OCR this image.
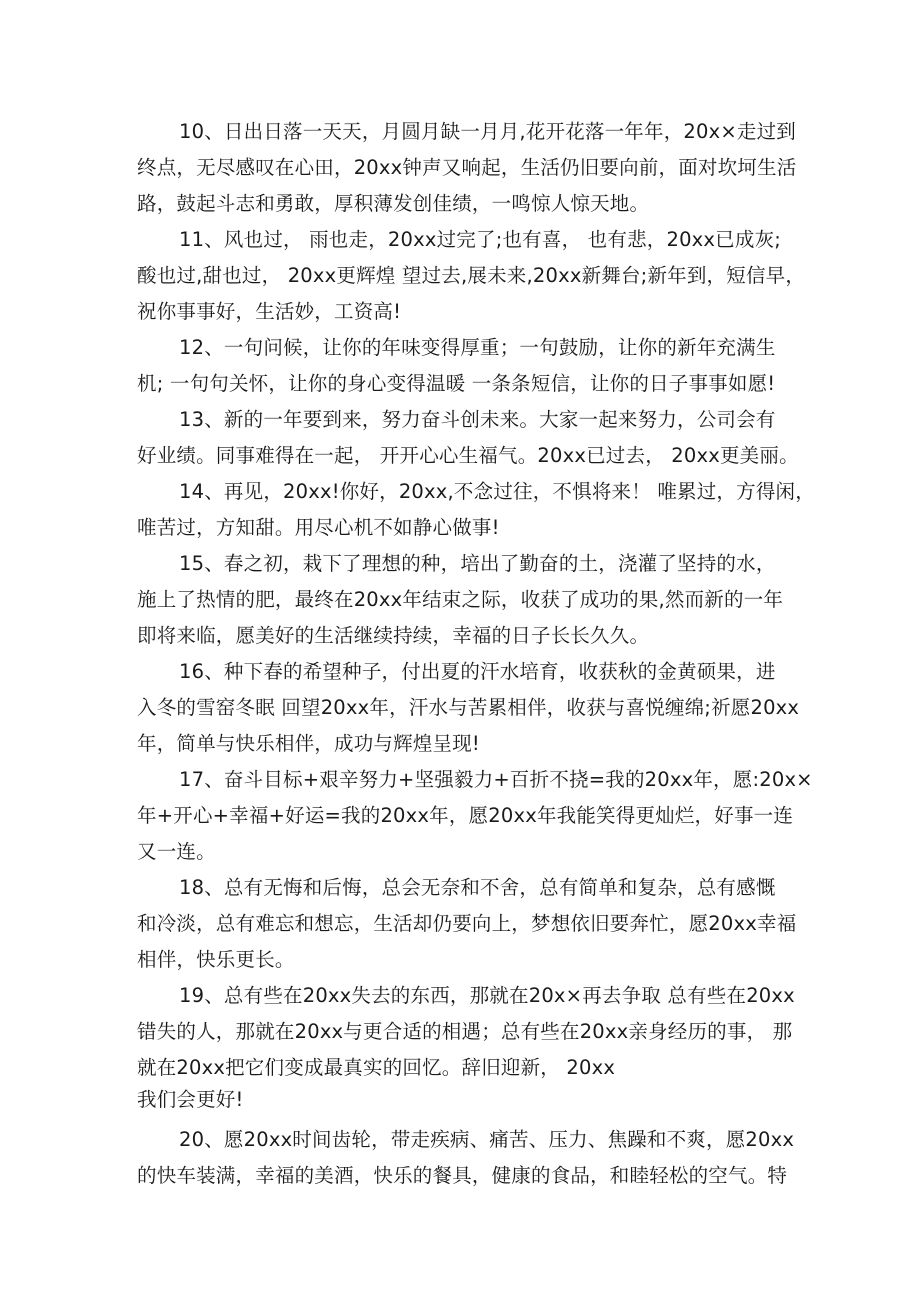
10、日出日落一天天，月圆月缺一月月,花开花落一年年，20x×走过到
终点，无尽感叹在心田，20xx钟声又响起，生活仍旧要向前，面对坎坷生活
路，鼓起斗志和勇敢，厚积薄发创佳绩，一鸣惊人惊天地。
11、风也过， 雨也走，20xx过完了;也有喜， 也有悲，20xx已成灰;
酸也过,甜也过， 20xx更辉煌 望过去,展未来,20xx新舞台;新年到，短信早，
祝你事事好，生活妙，工资高!
12、一句问候，让你的年味变得厚重；一句鼓励，让你的新年充满生
机; 一句句关怀，让你的身心变得温暖 一条条短信，让你的日子事事如愿!
13、新的一年要到来，努力奋斗创未来。大家一起来努力，公司会有
好业绩。同事难得在一起， 开开心心生福气。20xx已过去， 20xx更美丽。
14、再见，20xx!你好，20xx,不念过往，不惧将来！ 唯累过，方得闲，
唯苦过，方知甜。用尽心机不如静心做事!
15、春之初，栽下了理想的种，培出了勤奋的土，浇灌了坚持的水，
施上了热情的肥，最终在20xx年结束之际，收获了成功的果,然而新的一年
即将来临，愿美好的生活继续持续，幸福的日子长长久久。
16、种下春的希望种子，付出夏的汗水培育，收获秋的金黄硕果，进
入冬的雪窑冬眠 回望20xx年，汗水与苦累相伴，收获与喜悦缠绵;祈愿20xx
年，简单与快乐相伴，成功与辉煌呈现!
17、奋斗目标+艰辛努力+坚强毅力+百折不挠=我的20xx年，愿:20x×
年+开心+幸福+好运=我的20xx年，愿20xx年我能笑得更灿烂，好事一连
又一连。
18、总有无悔和后悔，总会无奈和不舍，总有简单和复杂，总有感慨
和冷淡，总有难忘和想忘，生活却仍要向上，梦想依旧要奔忙，愿20xx幸福
相伴，快乐更长。
19、总有些在20xx失去的东西，那就在20x×再去争取 总有些在20xx
错失的人，那就在20xx与更合适的相遇；总有些在20xx亲身经历的事， 那
就在20xx把它们变成最真实的回忆。辞旧迎新， 20xx
我们会更好!
20、愿20xx时间齿轮，带走疾病、痛苦、压力、焦躁和不爽，愿20xx
的快车装满，幸福的美酒，快乐的餐具，健康的食品，和睦轻松的空气。特
